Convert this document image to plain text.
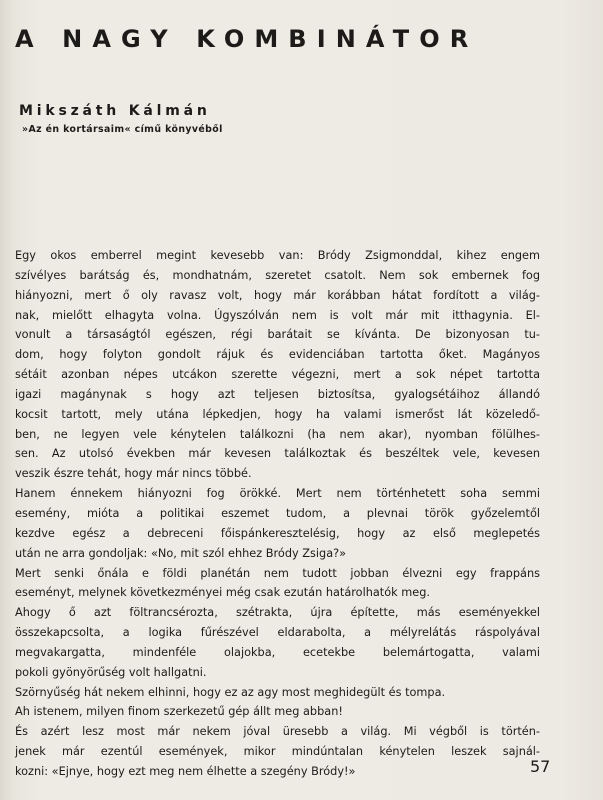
A NAGY KOMBINÁTOR
Mikszáth Kálmán
»Az én kortársaim« című könyvéből
Egy okos emberrel megint kevesebb van: Bródy Zsigmonddal, kihez engem
szívélyes barátság és, mondhatnám, szeretet csatolt. Nem sok embernek fog
hiányozni, mert ő oly ravasz volt, hogy már korábban hátat fordított a világ-
nak, mielőtt elhagyta volna. Úgyszólván nem is volt már mit itthagynia. El-
vonult a társaságtól egészen, régi barátait se kívánta. De bizonyosan tu-
dom, hogy folyton gondolt rájuk és evidenciában tartotta őket. Magányos
sétáit azonban népes utcákon szerette végezni, mert a sok népet tartotta
igazi magánynak s hogy azt teljesen biztosítsa, gyalogsétáihoz állandó
kocsit tartott, mely utána lépkedjen, hogy ha valami ismerőst lát közeledő-
ben, ne legyen vele kénytelen találkozni (ha nem akar), nyomban fölülhes-
sen. Az utolsó években már kevesen találkoztak és beszéltek vele, kevesen
veszik észre tehát, hogy már nincs többé.
Hanem énnekem hiányozni fog örökké. Mert nem történhetett soha semmi
esemény, mióta a politikai eszemet tudom, a plevnai török győzelemtől
kezdve egész a debreceni főispánkeresztelésig, hogy az első meglepetés
után ne arra gondoljak: «No, mit szól ehhez Bródy Zsiga?»
Mert senki őnála e földi planétán nem tudott jobban élvezni egy frappáns
eseményt, melynek következményei még csak ezután határolhatók meg.
Ahogy ő azt föltrancsérozta, szétrakta, újra építette, más eseményekkel
összekapcsolta, a logika fűrészével eldarabolta, a mélyrelátás ráspolyával
megvakargatta, mindenféle olajokba, ecetekbe belemártogatta, valami
pokoli gyönyörűség volt hallgatni.
Szörnyűség hát nekem elhinni, hogy ez az agy most meghidegült és tompa.
Ah istenem, milyen finom szerkezetű gép állt meg abban!
És azért lesz most már nekem jóval üresebb a világ. Mi végből is történ-
jenek már ezentúl események, mikor mindúntalan kénytelen leszek sajnál-
kozni: «Ejnye, hogy ezt meg nem élhette a szegény Bródy!»	57
